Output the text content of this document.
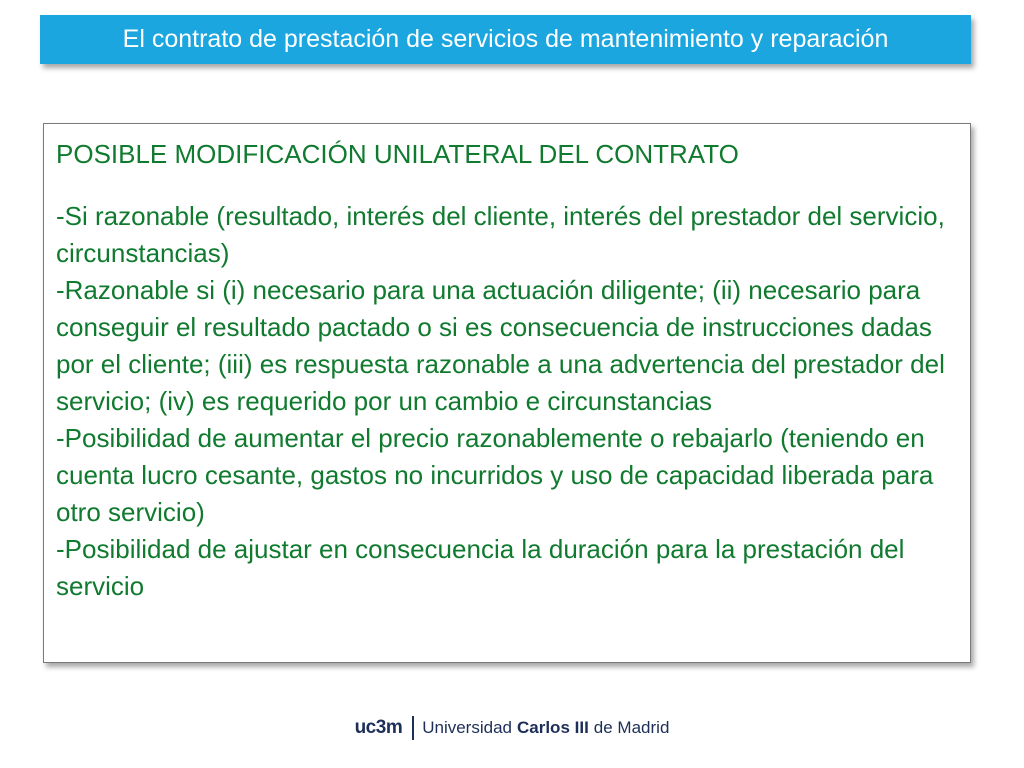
El contrato de prestación de servicios de mantenimiento y reparación

POSIBLE MODIFICACIÓN UNILATERAL DEL CONTRATO

-Si razonable (resultado, interés del cliente, interés del prestador del servicio, circunstancias)

-Razonable si (i) necesario para una actuación diligente; (ii) necesario para conseguir el resultado pactado o si es consecuencia de instrucciones dadas por el cliente; (iii) es respuesta razonable a una advertencia del prestador del servicio; (iv) es requerido por un cambio e circunstancias

-Posibilidad de aumentar el precio razonablemente o rebajarlo (teniendo en cuenta lucro cesante, gastos no incurridos y uso de capacidad liberada para otro servicio)

-Posibilidad de ajustar en consecuencia la duración para la prestación del servicio

uc3m Universidad Carlos III de Madrid
